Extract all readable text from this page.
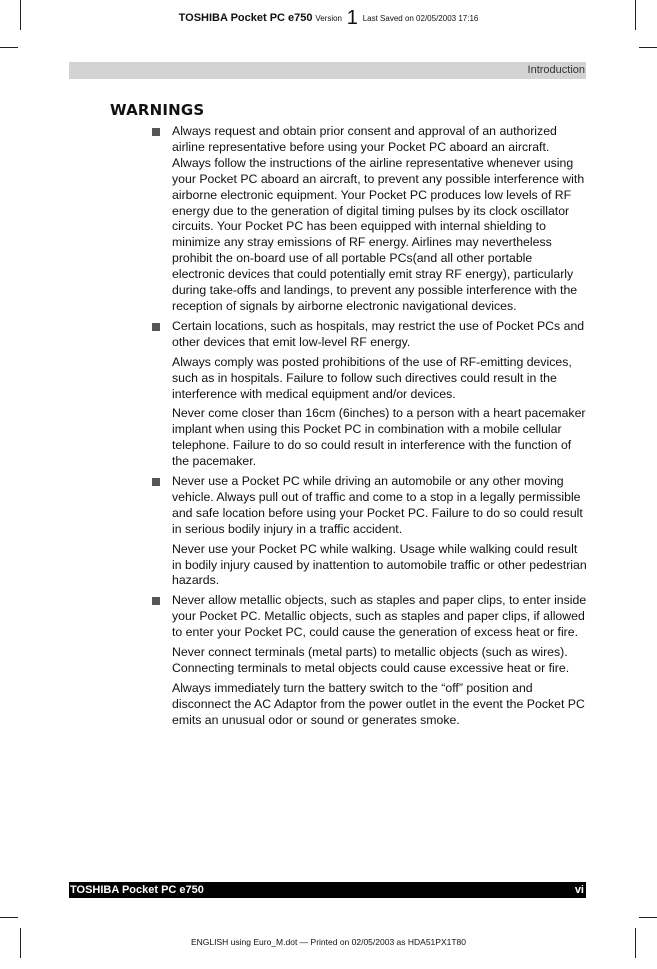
TOSHIBA Pocket PC e750 Version 1 Last Saved on 02/05/2003 17:16
Introduction
WARNINGS

Always request and obtain prior consent and approval of an authorized airline representative before using your Pocket PC aboard an aircraft. Always follow the instructions of the airline representative whenever using your Pocket PC aboard an aircraft, to prevent any possible interference with airborne electronic equipment. Your Pocket PC produces low levels of RF energy due to the generation of digital timing pulses by its clock oscillator circuits. Your Pocket PC has been equipped with internal shielding to minimize any stray emissions of RF energy. Airlines may nevertheless prohibit the on-board use of all portable PCs(and all other portable electronic devices that could potentially emit stray RF energy), particularly during take-offs and landings, to prevent any possible interference with the reception of signals by airborne electronic navigational devices.

Certain locations, such as hospitals, may restrict the use of Pocket PCs and other devices that emit low-level RF energy.

Always comply was posted prohibitions of the use of RF-emitting devices, such as in hospitals. Failure to follow such directives could result in the interference with medical equipment and/or devices.

Never come closer than 16cm (6inches) to a person with a heart pacemaker implant when using this Pocket PC in combination with a mobile cellular telephone. Failure to do so could result in interference with the function of the pacemaker.

Never use a Pocket PC while driving an automobile or any other moving vehicle. Always pull out of traffic and come to a stop in a legally permissible and safe location before using your Pocket PC. Failure to do so could result in serious bodily injury in a traffic accident.

Never use your Pocket PC while walking. Usage while walking could result in bodily injury caused by inattention to automobile traffic or other pedestrian hazards.

Never allow metallic objects, such as staples and paper clips, to enter inside your Pocket PC. Metallic objects, such as staples and paper clips, if allowed to enter your Pocket PC, could cause the generation of excess heat or fire.

Never connect terminals (metal parts) to metallic objects (such as wires). Connecting terminals to metal objects could cause excessive heat or fire.

Always immediately turn the battery switch to the “off” position and disconnect the AC Adaptor from the power outlet in the event the Pocket PC emits an unusual odor or sound or generates smoke.

TOSHIBA Pocket PC e750	vi
ENGLISH using Euro_M.dot — Printed on 02/05/2003 as HDA51PX1T80
